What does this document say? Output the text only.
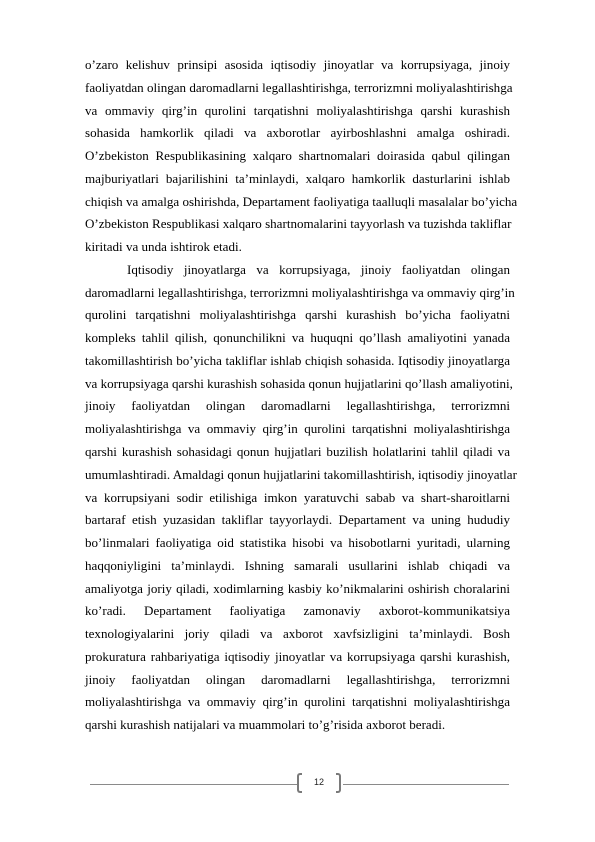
o’zaro kelishuv prinsipi asosida iqtisodiy jinoyatlar va korrupsiyaga, jinoiy
faoliyatdan olingan daromadlarni legallashtirishga, terrorizmni moliyalashtirishga
va ommaviy qirg’in qurolini tarqatishni moliyalashtirishga qarshi kurashish
sohasida hamkorlik qiladi va axborotlar ayirboshlashni amalga oshiradi.
O’zbekiston Respublikasining xalqaro shartnomalari doirasida qabul qilingan
majburiyatlari bajarilishini ta’minlaydi, xalqaro hamkorlik dasturlarini ishlab
chiqish va amalga oshirishda, Departament faoliyatiga taalluqli masalalar bo’yicha
O’zbekiston Respublikasi xalqaro shartnomalarini tayyorlash va tuzishda takliflar
kiritadi va unda ishtirok etadi.
Iqtisodiy jinoyatlarga va korrupsiyaga, jinoiy faoliyatdan olingan
daromadlarni legallashtirishga, terrorizmni moliyalashtirishga va ommaviy qirg’in
qurolini tarqatishni moliyalashtirishga qarshi kurashish bo’yicha faoliyatni
kompleks tahlil qilish, qonunchilikni va huquqni qo’llash amaliyotini yanada
takomillashtirish bo’yicha takliflar ishlab chiqish sohasida. Iqtisodiy jinoyatlarga
va korrupsiyaga qarshi kurashish sohasida qonun hujjatlarini qo’llash amaliyotini,
jinoiy faoliyatdan olingan daromadlarni legallashtirishga, terrorizmni
moliyalashtirishga va ommaviy qirg’in qurolini tarqatishni moliyalashtirishga
qarshi kurashish sohasidagi qonun hujjatlari buzilish holatlarini tahlil qiladi va
umumlashtiradi. Amaldagi qonun hujjatlarini takomillashtirish, iqtisodiy jinoyatlar
va korrupsiyani sodir etilishiga imkon yaratuvchi sabab va shart-sharoitlarni
bartaraf etish yuzasidan takliflar tayyorlaydi. Departament va uning hududiy
bo’linmalari faoliyatiga oid statistika hisobi va hisobotlarni yuritadi, ularning
haqqoniyligini ta’minlaydi. Ishning samarali usullarini ishlab chiqadi va
amaliyotga joriy qiladi, xodimlarning kasbiy ko’nikmalarini oshirish choralarini
ko’radi. Departament faoliyatiga zamonaviy axborot-kommunikatsiya
texnologiyalarini joriy qiladi va axborot xavfsizligini ta’minlaydi. Bosh
prokuratura rahbariyatiga iqtisodiy jinoyatlar va korrupsiyaga qarshi kurashish,
jinoiy faoliyatdan olingan daromadlarni legallashtirishga, terrorizmni
moliyalashtirishga va ommaviy qirg’in qurolini tarqatishni moliyalashtirishga
qarshi kurashish natijalari va muammolari to’g’risida axborot beradi.
12
